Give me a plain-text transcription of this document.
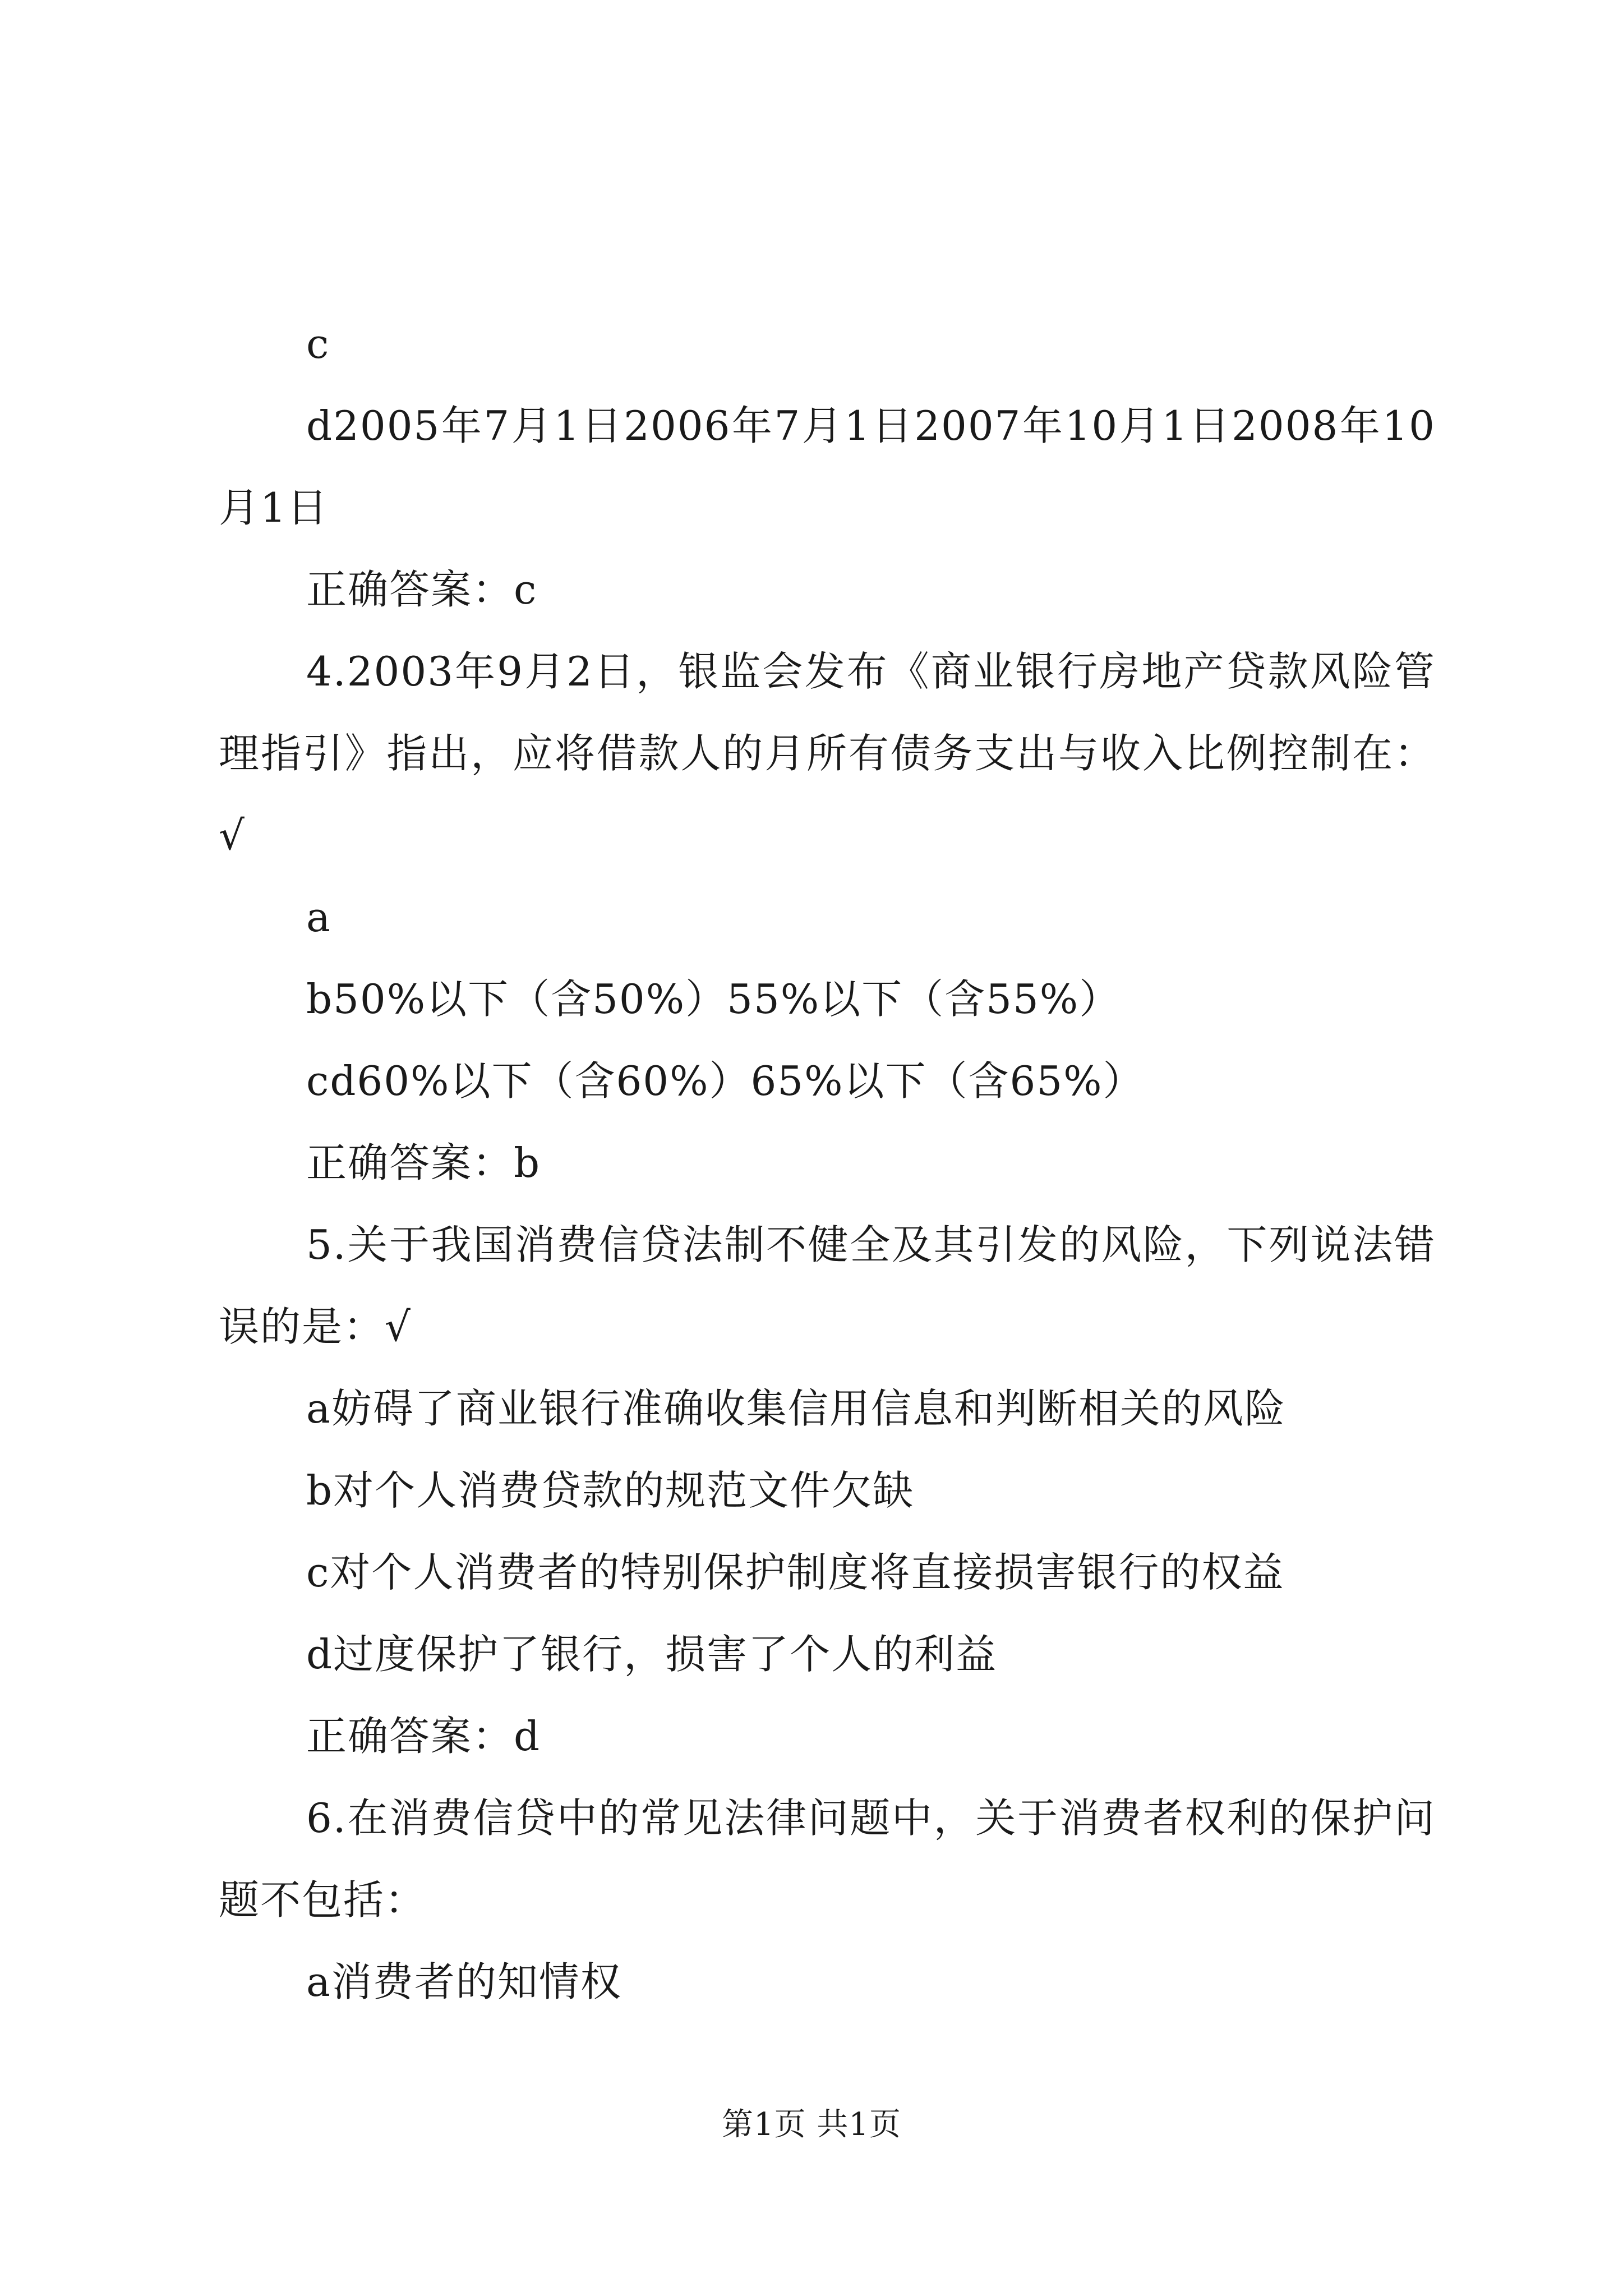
c
d2005年7月1日2006年7月1日2007年10月1日2008年10月1日
正确答案：c
4.2003年9月2日，银监会发布《商业银行房地产贷款风险管理指引》指出，应将借款人的月所有债务支出与收入比例控制在：√
a
b50%以下（含50%）55%以下（含55%）
cd60%以下（含60%）65%以下（含65%）
正确答案：b
5.关于我国消费信贷法制不健全及其引发的风险，下列说法错误的是：√
a妨碍了商业银行准确收集信用信息和判断相关的风险
b对个人消费贷款的规范文件欠缺
c对个人消费者的特别保护制度将直接损害银行的权益
d过度保护了银行，损害了个人的利益
正确答案：d
6.在消费信贷中的常见法律问题中，关于消费者权利的保护问题不包括：
a消费者的知情权
第1页 共1页
